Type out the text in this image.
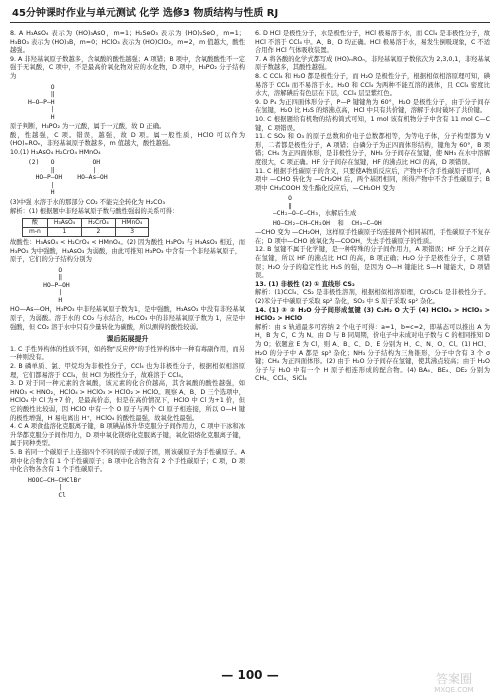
45分钟课时作业与单元测试 化学 选修3 物质结构与性质 RJ

8. A H₃AsO₄ 表示为 (HO)₃AsO，m=1；H₂SeO₃ 表示为 (HO)₂SeO，m=1；H₃BO₃ 表示为 (HO)₃B，m=0；HClO₃ 表示为 (HO)ClO₂，m=2，m 值越大，酸性越强。

9. A 非羟基氧原子数越多，含氧酸的酸性越强；A 项错；B 项中，含氧酸酸性不一定强于无氧酸，C 项中，不是最高价氧化物对应的水化物，D 项中，H₃PO₂ 分子结构为

O
‖
H—O—P—H
|
H

原子判断，H₃PO₂ 为一元酸，属于一元酸，故 D 正确。

酸，性越强，C 项。错误，越强，故 D 项。属一般性质，HClO 可以作为(HO)ₘROₙ，非羟基氧原子数越多，m 值越大，酸性越强。

10.(1) H₃AsO₄ H₂CrO₄ HMnO₄

(2)   O          OH
‖          |
HO—P—OH    HO—As—OH
|
H

(3)中强 水溶于水的那部分 CO₂ 不能完全转化为 H₂CO₃

解析：(1) 根据题中非羟基氧原子数与酸性强弱的关系可得：

酸	H₃AsO₄	H₂CrO₄	HMnO₄
m-n	1	2	3

故酸性：H₃AsO₄ < H₂CrO₄ < HMnO₄。(2) 因为酸性 H₃PO₃ 与 H₃AsO₃ 相近，而 H₃PO₃ 为中强酸，H₃AsO₃ 为弱酸，由此可推知 H₃PO₃ 中含有一个非羟基氧原子，

原子，它们的分子结构分别为

O
‖
HO—P—OH
|
H

HO—As—OH，H₃PO₃ 中非羟基氧原子数为1，是中强酸，H₃AsO₃ 中没有非羟基氧原子，为弱酸。溶于水的 CO₂ 与水结合，H₂CO₃ 中的非羟基氧原子数为 1，应是中强酸，但 CO₂ 溶于水中只有少量转化为碳酸，所以测得的酸性较弱。

课后拓展提升

1. C 手性异构体的性质不同，如药物"反应停"的手性异构体中一种有毒副作用，而另一种则没有。

2. B 磷单质、氯、甲烷均为非极性分子，CCl₄ 也为非极性分子，根据相似相溶原理，它们都易溶于 CCl₄，但 HCl 为极性分子，故难溶于 CCl₄。

3. D 对于同一种元素的含氧酸，该元素的化合价越高，其含氧酸的酸性越强，如 HNO₃ < HNO₂，HClO₄ > HClO₃ > HClO₂ > HClO。观察 A、B、D 三个选项中，HClO₄ 中 Cl 为+7 价，是最高价态，但是在高价情况下，HClO 中 Cl 为+1 价，但它的酸性比较弱，因 HClO 中有一个 O 原子与两个 Cl 原子相连接，所以 O—H 键的极性增强，H 易电离出 H⁺，HClO₄ 的酸性最强，故氧化性最强。

4. C A 项食盐溶化克服离子键，B 项碘晶体升华克服分子间作用力，C 项中干冰和冰升华都克服分子间作用力，D 项中氧化镁熔化克服离子键，氧化铝熔化克服离子键，属于同种类型。

5. B 若同一个碳原子上连接四个不同的原子或原子团，则该碳原子为手性碳原子。A 项中化合物含有 1 个手性碳原子；B 项中化合物含有 2 个手性碳原子；C 项，D 项中化合物各含有 1 个手性碳原子。

HOOC—CH—CHClBr
|
Cl

6. D HCl 是极性分子，水是极性分子，HCl 极易溶于水，而 CCl₄ 是非极性分子，故 HCl 不溶于 CCl₄ 中。A、B、D 均正确。HCl 极易溶于水，易发生倒吸现象，C 不适合用作 HCl 气体吸收装置。

7. A 将各酸的化学式都写成 (HO)ₘROₙ，非羟基氧原子数依次为 2,3,0,1，非羟基氧原子数越多，其酸性越强。

8. C CCl₄ 和 H₂O 都是极性分子，而 H₂O 是极性分子，根据相似相溶原理可知，碘易溶于 CCl₄ 而不易溶于水。H₂O 和 CCl₄ 为两种不能互溶的液体，且 CCl₄ 密度比水大，溶解碘后有色层在下层，CCl₄ 层呈紫红色。

9. D P₄ 为正四面体形分子，P—P 键键角为 60°，H₂O 是极性分子，由于分子间存在氢键，H₂O 比 H₂S 的熔沸点高，HCl 中只有共价键，溶解于水时破坏了共价键。

10. C 根据题给有机物的结构简式可知，1 mol 该有机物分子中含有 11 mol C—C 键，C 项错误。

11. C SO₂ 和 O₃ 的原子总数和价电子总数都相等，为等电子体，分子构型都为 V 形，二者都是极性分子，A 项错；白磷分子为正四面体形结构，键角为 60°，B 项错；CH₄ 为正四面体形，是非极性分子，NH₃ 分子间存在氢键，使 NH₃ 在水中溶解度很大，C 项正确。HF 分子间存在氢键，HF 的沸点比 HCl 的高，D 项错误。

11. C 根据手性碳原子的含义，只要使A物质反应后，产物中不含手性碳原子即可，A 项中 —CHO 转化为 —CH₂OH 后，两个基团相同，所得产物中不含手性碳原子；B 项中 CH₃COOH 发生酯化反应后，—CH₂OH 变为

O
‖
—CH₂—O—C—CH₃，水解后生成
HO—CH₂—CH—CH₂OH  和  CH₃—C—OH

—CHO 变为 —CH₂OH，这样原手性碳原子均连接两个相同基团，手性碳原子不复存在；D 项中—CHO 被氧化为—COOH，失去手性碳原子的性质。

12. B 氢键不属于化学键，是一种特殊的分子间作用力，A 项错误；HF 分子之间存在氢键，所以 HF 的沸点比 HCl 的高，B 项正确；H₂O 分子是极性分子，C 项错误；H₂O 分子的稳定性比 H₂S 的强，是因为 O—H 键能比 S—H 键能大，D 项错误。

13. (1) 非极性 (2) ① 直线形 CS₂

解析：(1)CCl₄、CS₂ 是非极性溶剂，根据相似相溶原理，CrO₂Cl₂ 是非极性分子。(2)苯分子中碳原子采取 sp² 杂化，SO₂ 中 S 原子采取 sp² 杂化。

14. (1) ③ ② H₂O 分子间形成氢键 (3) C₂H₂ O 大于 (4) HClO₄ > HClO₃ > HClO₂ > HClO

解析：由 s 轨道最多可容纳 2 个电子可得：a=1，b=c=2，即基态可以推出 A 为 H，B 为 C，C 为 N。由 D 与 B 同周期，价电子中未成对电子数与 C 的相同推知 D 为 O；依题意 E 为 Cl，则 A、B、C、D、E 分别为 H、C、N、O、Cl。(1) HCl、H₂O 的分子中 A 都是 sp³ 杂化；NH₃ 分子结构为三角锥形，分子中含有 3 个 σ 键；CH₄ 为正四面体形。(2) 由于 H₂O 分子间存在氢键，使其沸点较高；由于 H₂O 分子与 H₂O 中有一个 H 原子相连形成的配合物。(4) BA₄、BE₄、DE₂ 分别为 CH₄、CCl₄、SiCl₄

— 100 —	答案圈
MXQE.COM
